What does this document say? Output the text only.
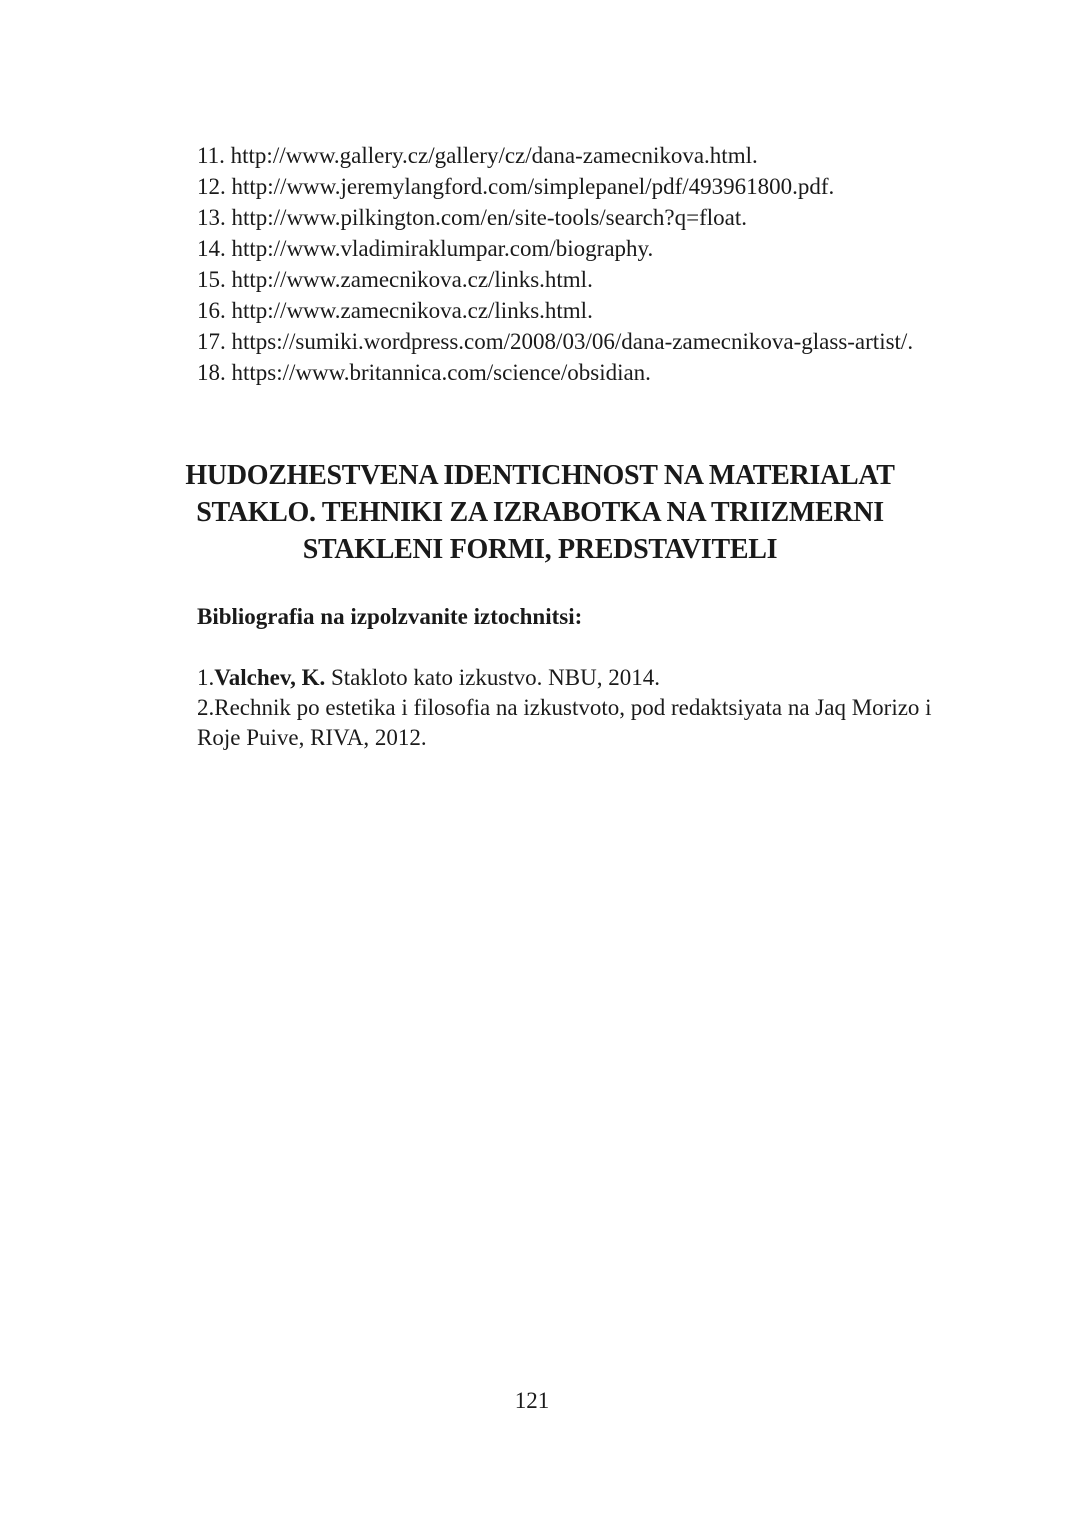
11. http://www.gallery.cz/gallery/cz/dana-zamecnikova.html.
12. http://www.jeremylangford.com/simplepanel/pdf/493961800.pdf.
13. http://www.pilkington.com/en/site-tools/search?q=float.
14. http://www.vladimiraklumpar.com/biography.
15. http://www.zamecnikova.cz/links.html.
16. http://www.zamecnikova.cz/links.html.
17. https://sumiki.wordpress.com/2008/03/06/dana-zamecnikova-glass-artist/.
18. https://www.britannica.com/science/obsidian.
HUDOZHESTVENA IDENTICHNOST NA MATERIALAT
STAKLO. TEHNIKI ZA IZRABOTKA NA TRIIZMERNI
STAKLENI FORMI, PREDSTAVITELI
Bibliografia na izpolzvanite iztochnitsi:

1.Valchev, K. Stakloto kato izkustvo. NBU, 2014.

2.Rechnik po estetika i filosofia na izkustvoto, pod redaktsiyata na Jaq Morizo i Roje Puive, RIVA, 2012.

121
